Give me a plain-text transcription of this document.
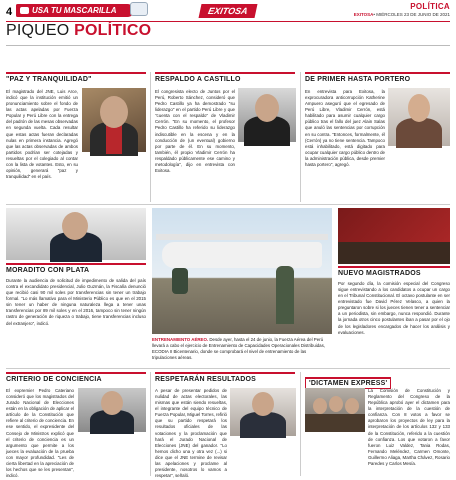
4 USA TU MASCARILLA	EXITOSA	POLÍTICA
EXITOSA• MIÉRCOLES 23 DE JUNIO DE 2021
PIQUEO POLÍTICO
"PAZ Y TRANQUILIDAD"
El magistrado del JNE, Luis Arce, indicó que la institución emitió un pronunciamiento sobre el fondo de las actas apeladas por Fuerza Popular y Perú Libre con la entrega del padrón de las mesas observadas en segunda vuelta. Cada resultar que estas actas fueran declaradas nulas en primera instancia. Agregó que las actas observadas de ambos partidos podrían ser cotejadas y resueltas por el colegiado al contar con la lista de votantes. Esto, en su opinión, generará "paz y tranquilidad" en el país.
RESPALDO A CASTILLO
El congresista electo de Juntos por el Perú, Roberto Sánchez, consideró que Pedro Castillo ya ha demostrado "su liderazgo" en el partido Perú Libre y que "cuenta con el respaldo" de Vladimir Cerrón. "En su momento, el profesor Pedro Castillo ha referido su liderazgo indiscutible en la escena y en la conducción de (un eventual) gobierno por parte de él. En su momento, también, él propio Vladimir Cerrón ha respaldado públicamente ese camino y metodología", dijo en entrevista con Exitosa.
DE PRIMER HASTA PORTERO
En entrevista para Exitosa, la exprocuradora anticorrupción Katherine Ampuero aseguró que el egresado de Perú Libre, Vladimir Cerrón, está habilitado para asumir cualquier cargo público tras el fallo del juez Alain Salas que anuló las sentencias por corrupción en su contra. "Entonces, formalmente, él (Cerrón) ya no tiene sentencia. Tampoco está inhabilitado, está digitado para ocupar cualquier cargo público dentro de la administración pública, desde premier hasta portero", agregó.
MORADITO CON PLATA
Durante la audiencia de solicitud de impedimento de salida del país contra el excandidato presidencial, Julio Guzmán, la Fiscalía denunció que recibió casi 90 mil soles por transferencias sin tener un trabajo formal. "Lo más llamativo para el Ministerio Público es que en el 2015 sin tener un haber de ninguna naturaleza llega a tener unas transferencias por 89 mil soles y en el 2016, tampoco sin tener ningún rastro de generación de riqueza o trabajo, tiene transferencias incluso del extranjero", indicó.
ENTRENAMIENTO AÉREO. Desde ayer, hasta el 24 de junio, la Fuerza Aérea del Perú llevará a cabo el ejercicio de Entrenamiento de Capacidades Operacionales Distribuidas, ECODIA II Bicentenario, donde se comprobará el nivel de entrenamiento de las tripulaciones aéreas.
NUEVO MAGISTRADOS
Por segundo día, la comisión especial del Congreso sigue entrevistando a los candidatos a ocupar un cargo en el Tribunal Constitucional. El octavo postulante en ser entrevistado fue David Pérez Velasco, a quien la preguntaron sobre si los jueces tienen tener a sentenciar a un periodista, sin embargo, nunca respondió. Durante la jornada otros cinco postulantes iban a pasar por el ojo de los legisladores encargados de hacer los análisis y evaluaciones.
CRITERIO DE CONCIENCIA
El expremier Pedro Cateriano consideró que los magistrados del Jurado Nacional de Elecciones están en la obligación de aplicar el artículo de la Constitución que refiere al criterio de conciencia. En ese sentido, el expresidente del Consejo de Ministros explicó que el criterio de conciencia es un argumento que permite a los jueces la evaluación de la prueba con mayor profundidad. "Les de cierta libertad en la apreciación de los hechos que se les presentan", indicó.
RESPETARÁN RESULTADOS
A pesar de presentar pedidos de nulidad de actas electorales, las mismas que están siendo resueltas, el integrante del equipo técnico de Fuerza Popular, Miguel Torres, refirió que su partido respetará los resultados oficiales de las votaciones y la proclamación que hará el Jurado Nacional de Elecciones (JNE) del ganador. "Lo hemos dicho una y otra vez (...) si dice que el JNE termine de revisar las apelaciones y proclame al presidente, nosotros lo vamos a respetar", señaló.
'DICTAMEN EXPRESS'
La Comisión de Constitución y Reglamento del Congreso de la República aprobó ayer el dictamen para la interpretación de la cuestión de confianza. Con 8 votos a favor se aprobaron los proyectos de ley para la interpretación de los artículos 132 y 133 de la Constitución, referido a la cuestión de confianza. Los que votaron a favor fueron Luiz Valdez, Tania Rodas, Fernando Meléndez, Carmen Omonte, Guillermo Aliaga, Martha Chávez, Rosario Paredes y Carlos Mesía.
